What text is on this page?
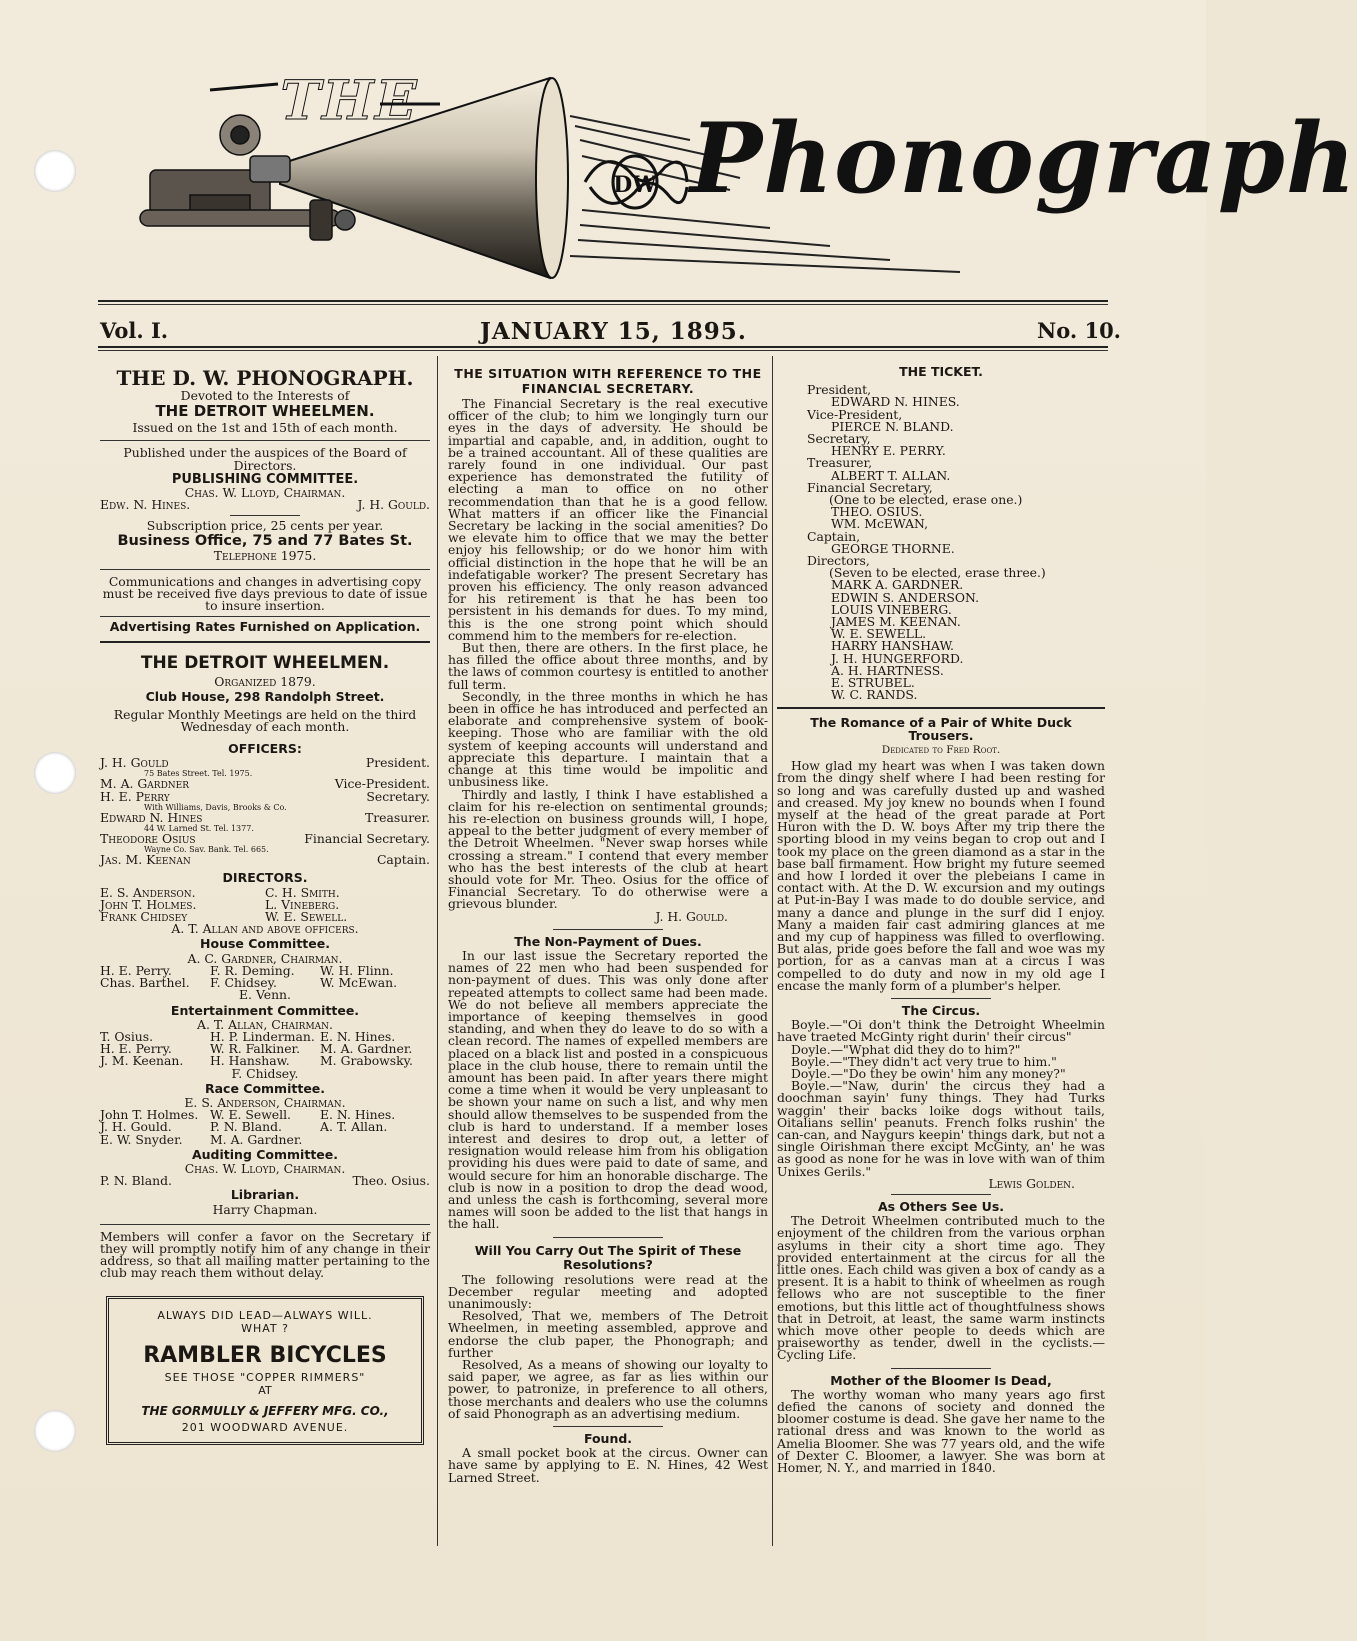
THE
DW Phonograph
Vol. I.	JANUARY 15, 1895.	No. 10.
THE D. W. PHONOGRAPH.
Devoted to the Interests of
THE DETROIT WHEELMEN.
Issued on the 1st and 15th of each month.
Published under the auspices of the Board of Directors.
PUBLISHING COMMITTEE.
Chas. W. Lloyd, Chairman.
Edw. N. Hines.	J. H. Gould.
Subscription price, 25 cents per year.
Business Office, 75 and 77 Bates St.
Telephone 1975.
Communications and changes in advertising copy must be received five days previous to date of issue to insure insertion.
Advertising Rates Furnished on Application.
THE DETROIT WHEELMEN.
Organized 1879.
Club House, 298 Randolph Street.
Regular Monthly Meetings are held on the third Wednesday of each month.
OFFICERS:
J. H. Gould	President.
75 Bates Street. Tel. 1975.
M. A. Gardner	Vice-President.
H. E. Perry	Secretary.
With Williams, Davis, Brooks & Co.
Edward N. Hines	Treasurer.
44 W. Larned St. Tel. 1377.
Theodore Osius	Financial Secretary.
Wayne Co. Sav. Bank. Tel. 665.
Jas. M. Keenan	Captain.
DIRECTORS.
E. S. Anderson.	C. H. Smith.
John T. Holmes.	L. Vineberg.
Frank Chidsey	W. E. Sewell.
A. T. Allan and above officers.
House Committee.
A. C. Gardner, Chairman.
H. E. Perry.	F. R. Deming.	W. H. Flinn.
Chas. Barthel.	F. Chidsey.	W. McEwan.
E. Venn.
Entertainment Committee.
A. T. Allan, Chairman.
T. Osius.	H. P. Linderman. E. N. Hines.
H. E. Perry.	W. R. Falkiner.	M. A. Gardner.
J. M. Keenan.	H. Hanshaw.	M. Grabowsky.
F. Chidsey.
Race Committee.
E. S. Anderson, Chairman.
John T. Holmes. W. E. Sewell.	E. N. Hines.
J. H. Gould.	P. N. Bland.	A. T. Allan.
E. W. Snyder.	M. A. Gardner.
Auditing Committee.
Chas. W. Lloyd, Chairman.
P. N. Bland.	Theo. Osius.
Librarian.
Harry Chapman.
Members will confer a favor on the Secretary if they will promptly notify him of any change in their address, so that all mailing matter pertaining to the club may reach them without delay.
ALWAYS DID LEAD—ALWAYS WILL.
WHAT ?
RAMBLER BICYCLES
SEE THOSE "COPPER RIMMERS"
AT
THE GORMULLY & JEFFERY MFG. CO.,
201 WOODWARD AVENUE.
THE SITUATION WITH REFERENCE TO THE FINANCIAL SECRETARY.

The Financial Secretary is the real executive officer of the club; to him we longingly turn our eyes in the days of adversity. He should be impartial and capable, and, in addition, ought to be a trained accountant. All of these qualities are rarely found in one individual. Our past experience has demonstrated the futility of electing a man to office on no other recommendation than that he is a good fellow. What matters if an officer like the Financial Secretary be lacking in the social amenities? Do we elevate him to office that we may the better enjoy his fellowship; or do we honor him with official distinction in the hope that he will be an indefatigable worker? The present Secretary has proven his efficiency. The only reason advanced for his retirement is that he has been too persistent in his demands for dues. To my mind, this is the one strong point which should commend him to the members for re-election.

But then, there are others. In the first place, he has filled the office about three months, and by the laws of common courtesy is entitled to another full term.

Secondly, in the three months in which he has been in office he has introduced and perfected an elaborate and comprehensive system of book-keeping. Those who are familiar with the old system of keeping accounts will understand and appreciate this departure. I maintain that a change at this time would be impolitic and unbusiness like.

Thirdly and lastly, I think I have established a claim for his re-election on sentimental grounds; his re-election on business grounds will, I hope, appeal to the better judgment of every member of the Detroit Wheelmen. "Never swap horses while crossing a stream." I contend that every member who has the best interests of the club at heart should vote for Mr. Theo. Osius for the office of Financial Secretary. To do otherwise were a grievous blunder.

J. H. Gould.
The Non-Payment of Dues.

In our last issue the Secretary reported the names of 22 men who had been suspended for non-payment of dues. This was only done after repeated attempts to collect same had been made. We do not believe all members appreciate the importance of keeping themselves in good standing, and when they do leave to do so with a clean record. The names of expelled members are placed on a black list and posted in a conspicuous place in the club house, there to remain until the amount has been paid. In after years there might come a time when it would be very unpleasant to be shown your name on such a list, and why men should allow themselves to be suspended from the club is hard to understand. If a member loses interest and desires to drop out, a letter of resignation would release him from his obligation providing his dues were paid to date of same, and would secure for him an honorable discharge. The club is now in a position to drop the dead wood, and unless the cash is forthcoming, several more names will soon be added to the list that hangs in the hall.

Will You Carry Out The Spirit of These Resolutions?

The following resolutions were read at the December regular meeting and adopted unanimously:

Resolved, That we, members of The Detroit Wheelmen, in meeting assembled, approve and endorse the club paper, the Phonograph; and further

Resolved, As a means of showing our loyalty to said paper, we agree, as far as lies within our power, to patronize, in preference to all others, those merchants and dealers who use the columns of said Phonograph as an advertising medium.

Found.

A small pocket book at the circus. Owner can have same by applying to E. N. Hines, 42 West Larned Street.

THE TICKET.
President,
EDWARD N. HINES.
Vice-President,
PIERCE N. BLAND.
Secretary,
HENRY E. PERRY.
Treasurer,
ALBERT T. ALLAN.
Financial Secretary,
(One to be elected, erase one.)
THEO. OSIUS.
WM. McEWAN,
Captain,
GEORGE THORNE.
Directors,
(Seven to be elected, erase three.)
MARK A. GARDNER.
EDWIN S. ANDERSON.
LOUIS VINEBERG.
JAMES M. KEENAN.
W. E. SEWELL.
HARRY HANSHAW.
J. H. HUNGERFORD.
A. H. HARTNESS.
E. STRUBEL.
W. C. RANDS.
The Romance of a Pair of White Duck Trousers.
Dedicated to Fred Root.

How glad my heart was when I was taken down from the dingy shelf where I had been resting for so long and was carefully dusted up and washed and creased. My joy knew no bounds when I found myself at the head of the great parade at Port Huron with the D. W. boys After my trip there the sporting blood in my veins began to crop out and I took my place on the green diamond as a star in the base ball firmament. How bright my future seemed and how I lorded it over the plebeians I came in contact with. At the D. W. excursion and my outings at Put-in-Bay I was made to do double service, and many a dance and plunge in the surf did I enjoy. Many a maiden fair cast admiring glances at me and my cup of happiness was filled to overflowing. But alas, pride goes before the fall and woe was my portion, for as a canvas man at a circus I was compelled to do duty and now in my old age I encase the manly form of a plumber's helper.

The Circus.

Boyle.—"Oi don't think the Detroight Wheelmin have traeted McGinty right durin' their circus"

Doyle.—"Wphat did they do to him?"

Boyle.—"They didn't act very true to him."

Doyle.—"Do they be owin' him any money?"

Boyle.—"Naw, durin' the circus they had a doochman sayin' funy things. They had Turks waggin' their backs loike dogs without tails, Oitalians sellin' peanuts. French folks rushin' the can-can, and Naygurs keepin' things dark, but not a single Oirishman there excipt McGinty, an' he was as good as none for he was in love with wan of thim Unixes Gerils."

Lewis Golden.
As Others See Us.

The Detroit Wheelmen contributed much to the enjoyment of the children from the various orphan asylums in their city a short time ago. They provided entertainment at the circus for all the little ones. Each child was given a box of candy as a present. It is a habit to think of wheelmen as rough fellows who are not susceptible to the finer emotions, but this little act of thoughtfulness shows that in Detroit, at least, the same warm instincts which move other people to deeds which are praiseworthy as tender, dwell in the cyclists.—Cycling Life.

Mother of the Bloomer Is Dead,

The worthy woman who many years ago first defied the canons of society and donned the bloomer costume is dead. She gave her name to the rational dress and was known to the world as Amelia Bloomer. She was 77 years old, and the wife of Dexter C. Bloomer, a lawyer. She was born at Homer, N. Y., and married in 1840.
